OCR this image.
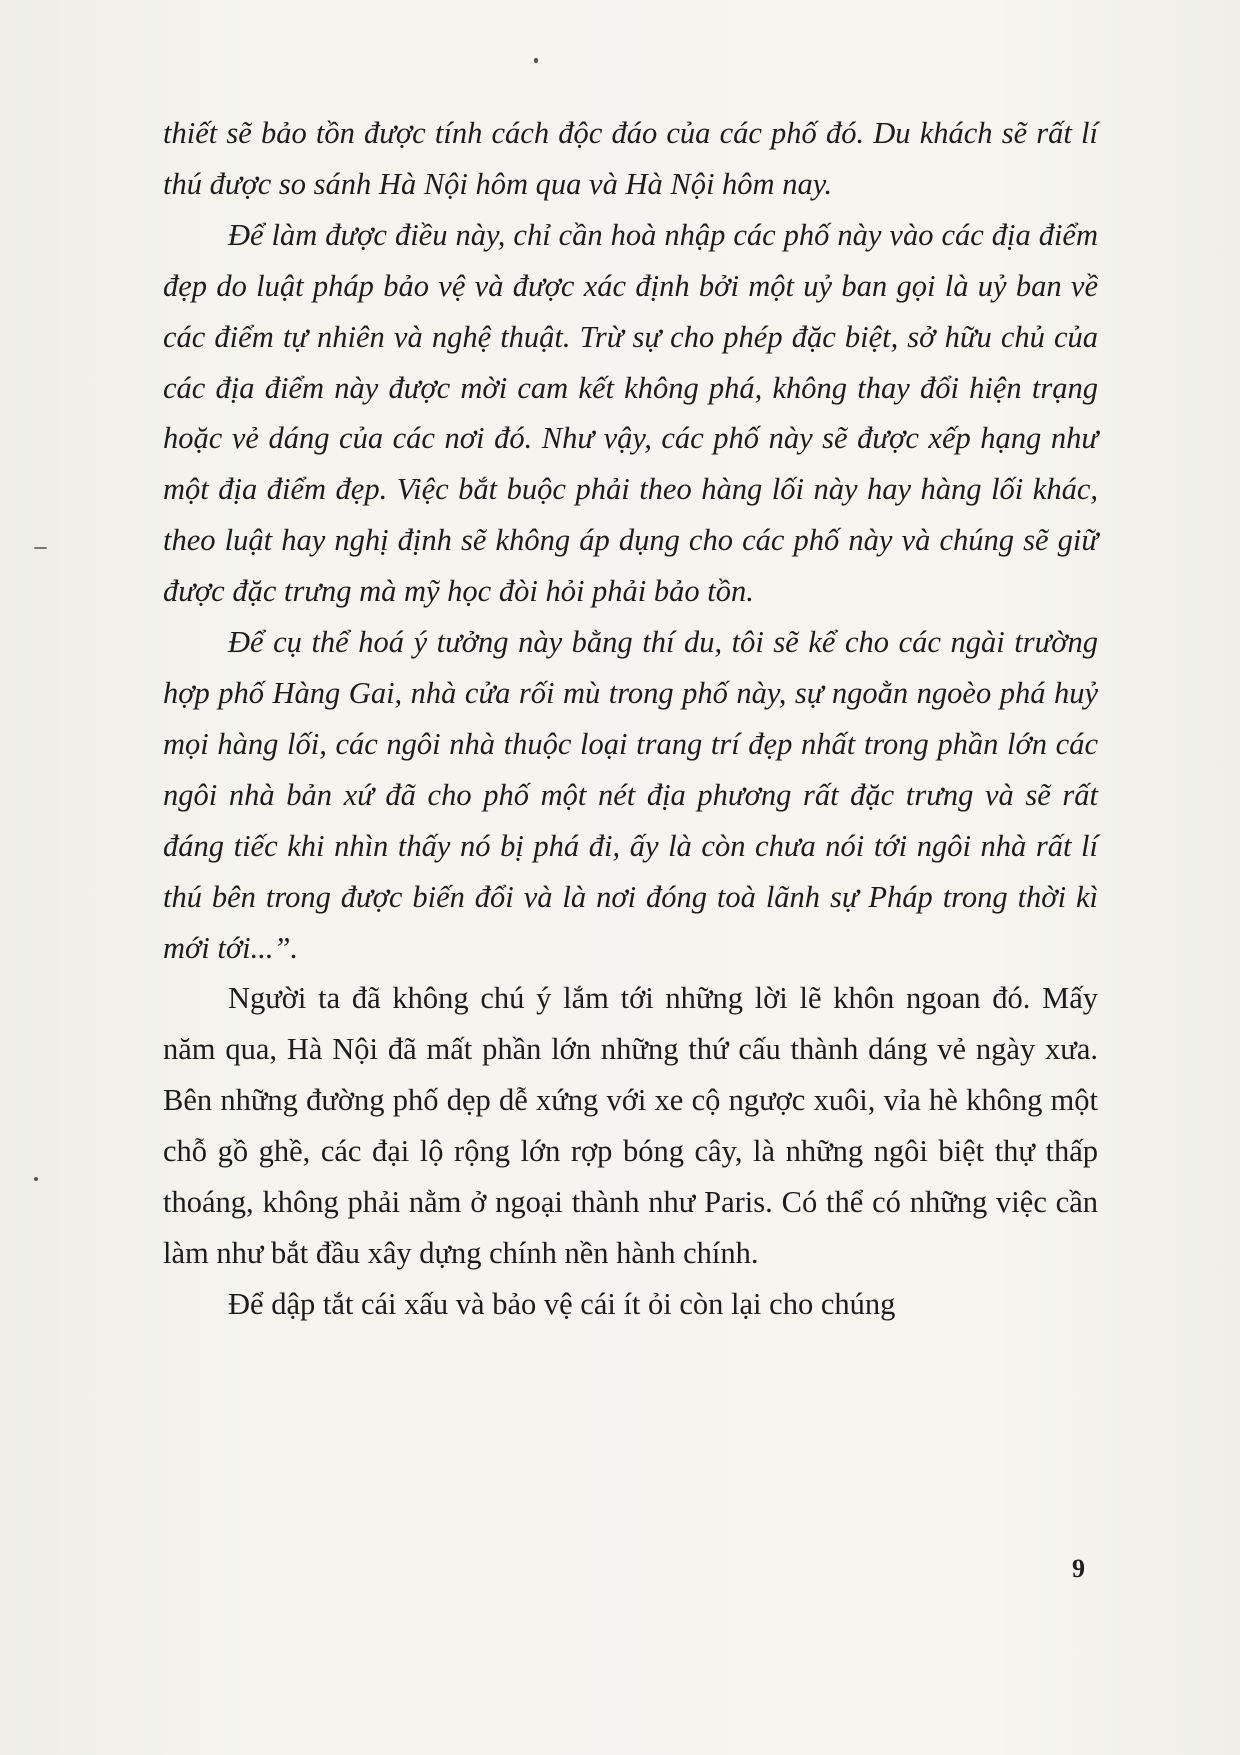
thiết sẽ bảo tồn được tính cách độc đáo của các phố đó. Du khách sẽ rất lí thú được so sánh Hà Nội hôm qua và Hà Nội hôm nay.

Để làm được điều này, chỉ cần hoà nhập các phố này vào các địa điểm đẹp do luật pháp bảo vệ và được xác định bởi một uỷ ban gọi là uỷ ban về các điểm tự nhiên và nghệ thuật. Trừ sự cho phép đặc biệt, sở hữu chủ của các địa điểm này được mời cam kết không phá, không thay đổi hiện trạng hoặc vẻ dáng của các nơi đó. Như vậy, các phố này sẽ được xếp hạng như một địa điểm đẹp. Việc bắt buộc phải theo hàng lối này hay hàng lối khác, theo luật hay nghị định sẽ không áp dụng cho các phố này và chúng sẽ giữ được đặc trưng mà mỹ học đòi hỏi phải bảo tồn.

Để cụ thể hoá ý tưởng này bằng thí du, tôi sẽ kể cho các ngài trường hợp phố Hàng Gai, nhà cửa rối mù trong phố này, sự ngoằn ngoèo phá huỷ mọi hàng lối, các ngôi nhà thuộc loại trang trí đẹp nhất trong phần lớn các ngôi nhà bản xứ đã cho phố một nét địa phương rất đặc trưng và sẽ rất đáng tiếc khi nhìn thấy nó bị phá đi, ấy là còn chưa nói tới ngôi nhà rất lí thú bên trong được biến đổi và là nơi đóng toà lãnh sự Pháp trong thời kì mới tới...”.

Người ta đã không chú ý lắm tới những lời lẽ khôn ngoan đó. Mấy năm qua, Hà Nội đã mất phần lớn những thứ cấu thành dáng vẻ ngày xưa. Bên những đường phố dẹp dễ xứng với xe cộ ngược xuôi, vỉa hè không một chỗ gồ ghề, các đại lộ rộng lớn rợp bóng cây, là những ngôi biệt thự thấp thoáng, không phải nằm ở ngoại thành như Paris. Có thể có những việc cần làm như bắt đầu xây dựng chính nền hành chính.

Để dập tắt cái xấu và bảo vệ cái ít ỏi còn lại cho chúng

9
